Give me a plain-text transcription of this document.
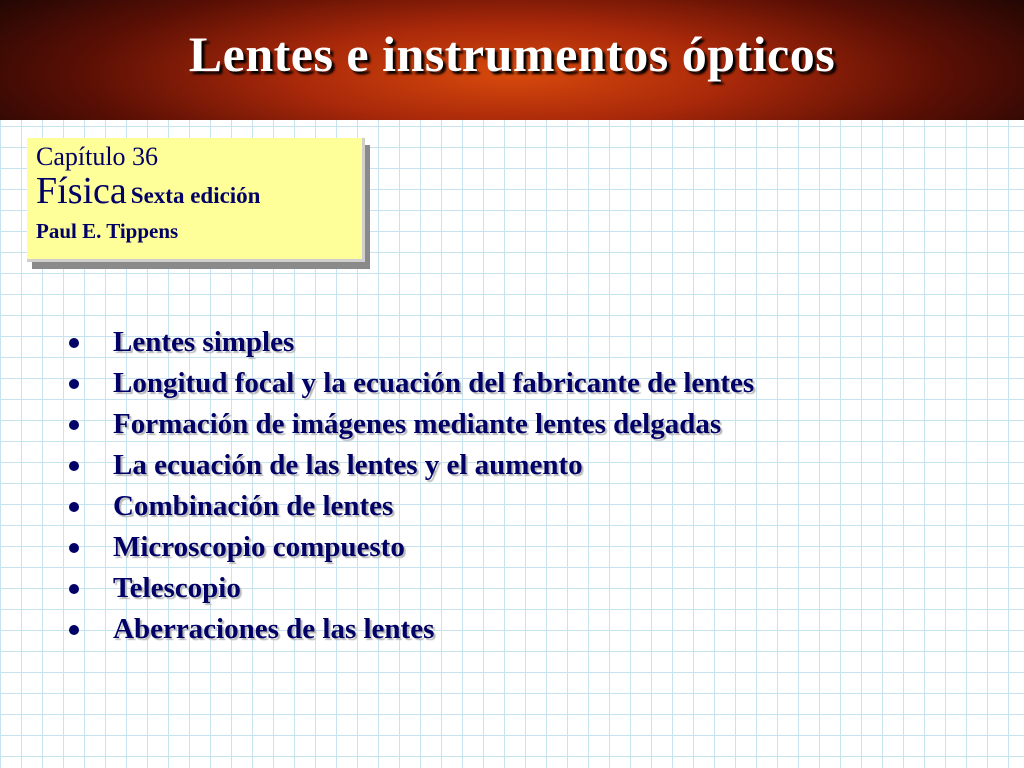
Lentes e instrumentos ópticos
Capítulo 36
Física Sexta edición
Paul E. Tippens
Lentes simples
Longitud focal y la ecuación del fabricante de lentes
Formación de imágenes mediante lentes delgadas
La ecuación de las lentes y el aumento
Combinación de lentes
Microscopio compuesto
Telescopio
Aberraciones de las lentes
